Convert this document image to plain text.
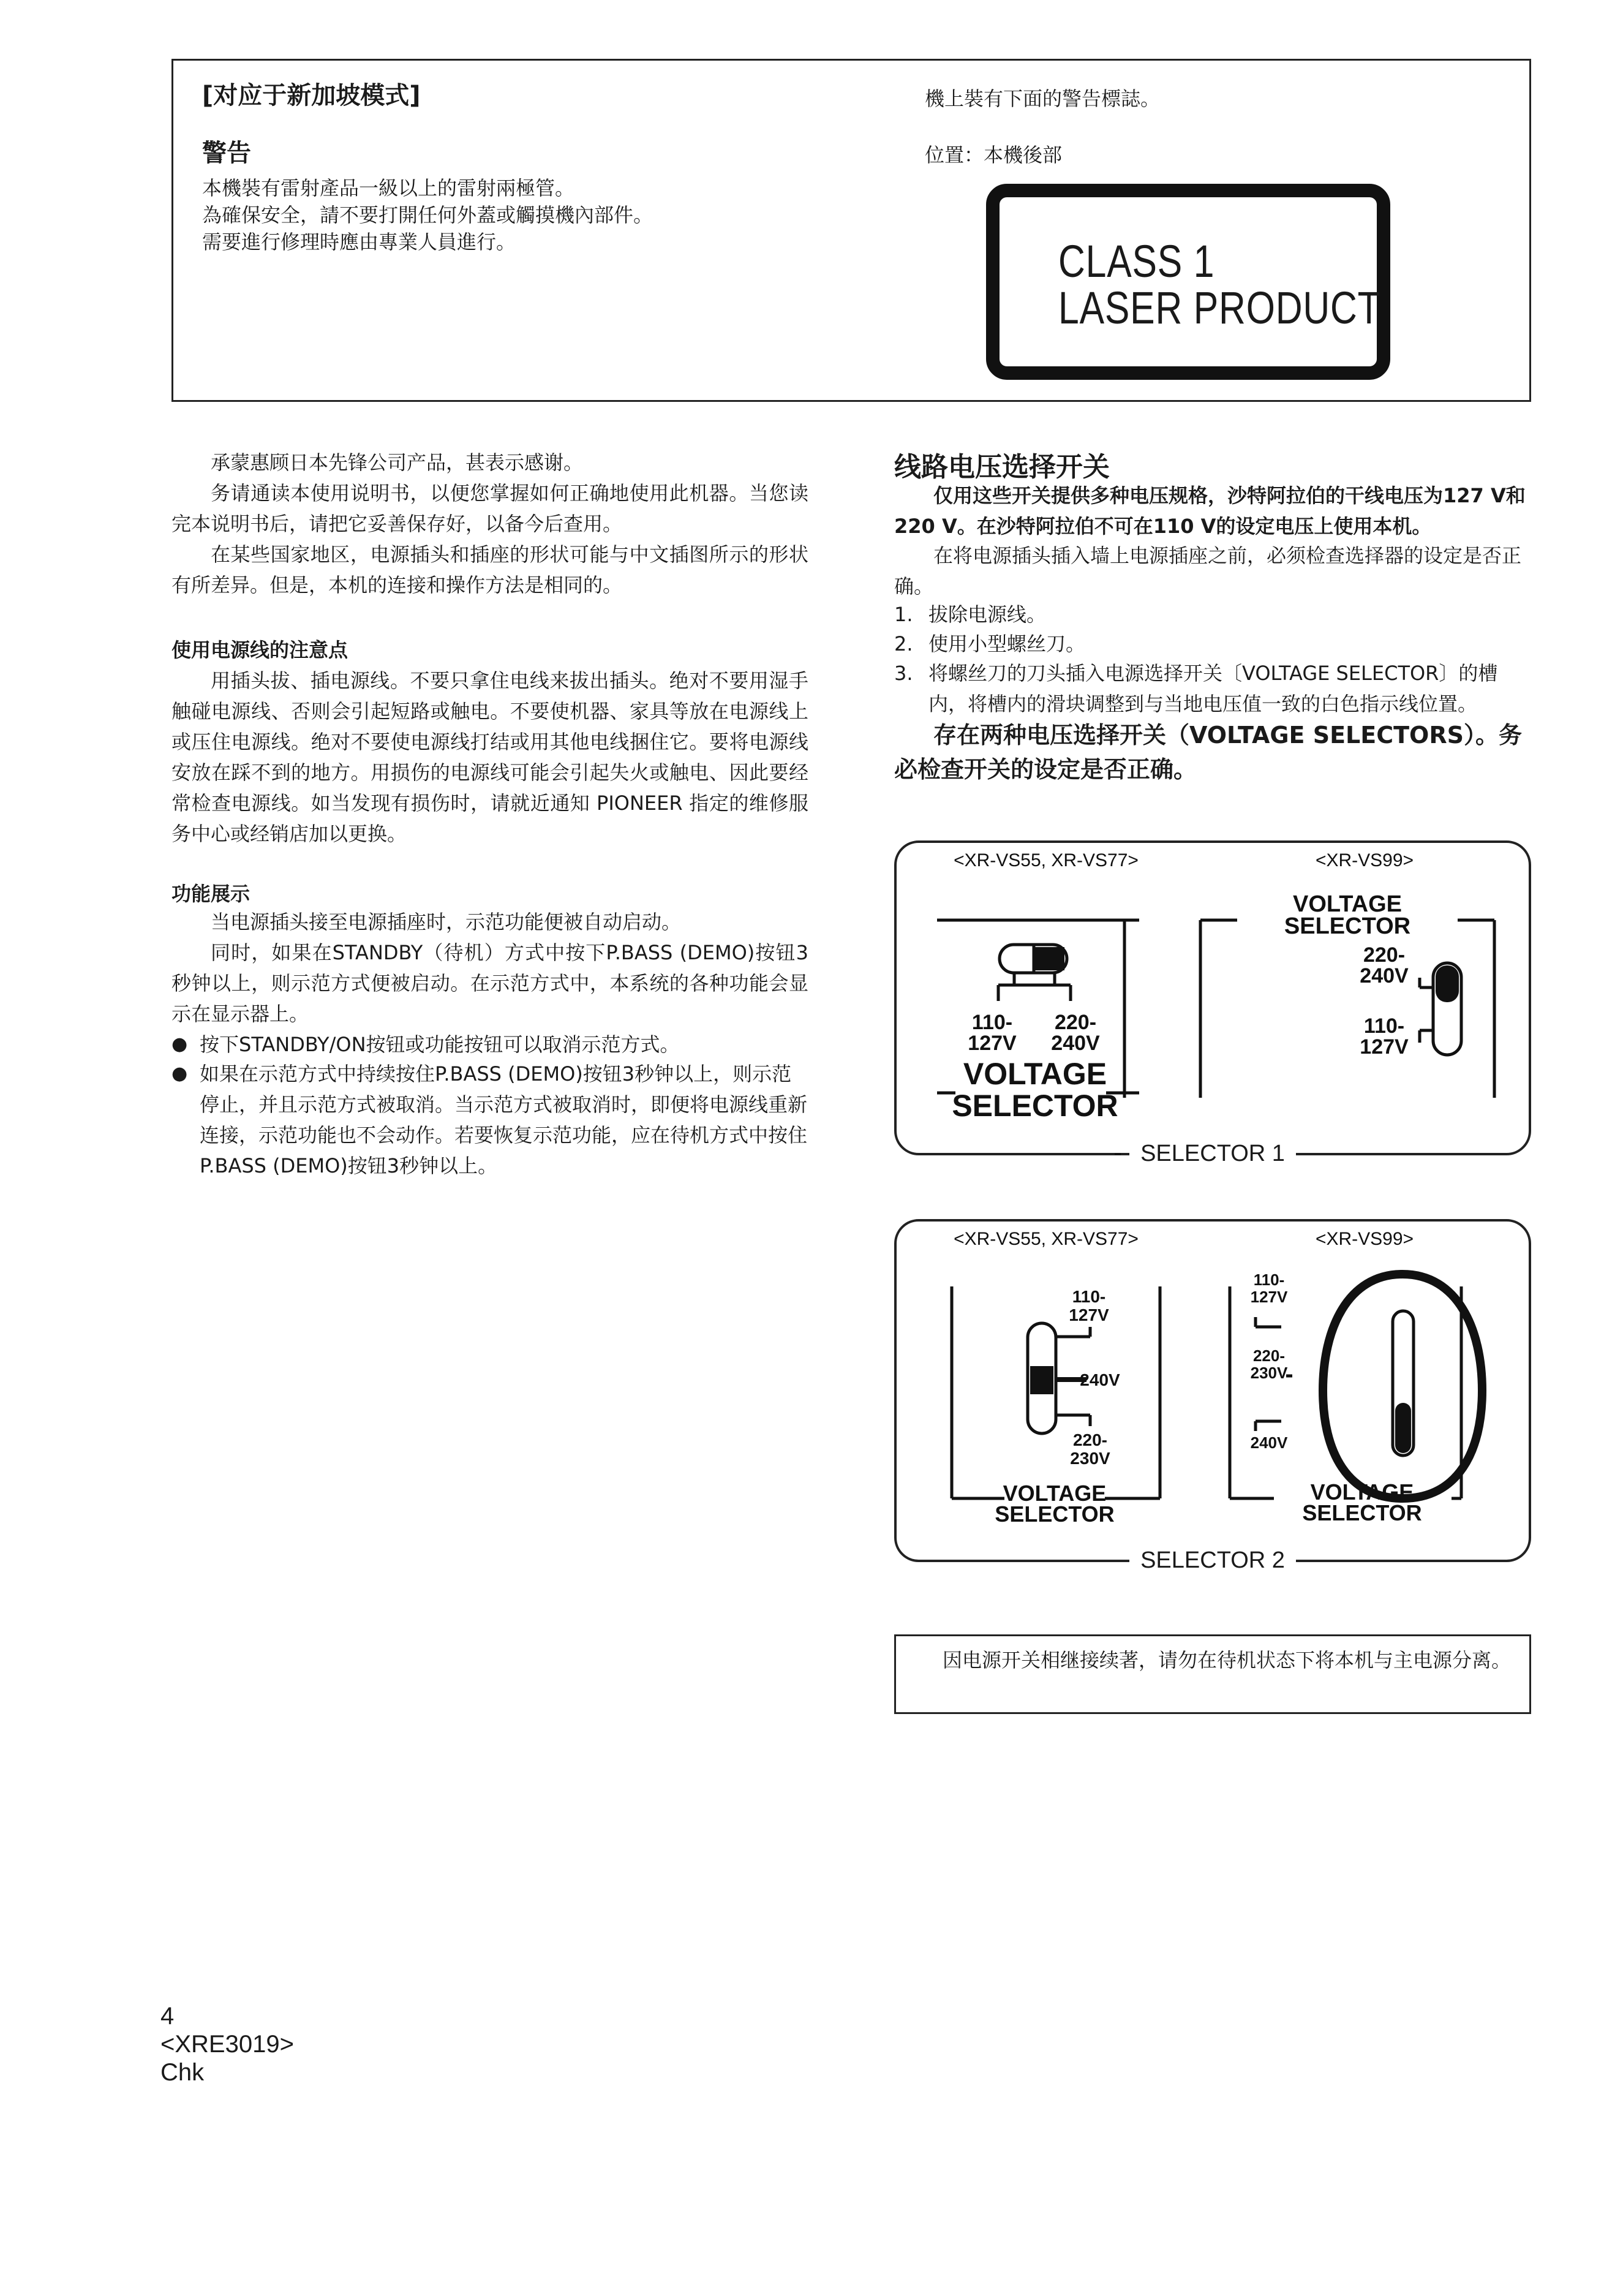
[对应于新加坡模式]
警告
本機裝有雷射產品一級以上的雷射兩極管。
為確保安全，請不要打開任何外蓋或觸摸機內部件。
需要進行修理時應由專業人員進行。
機上裝有下面的警告標誌。
位置：本機後部
CLASS 1
LASER PRODUCT
承蒙惠顾日本先锋公司产品，甚表示感谢。
务请通读本使用说明书，以便您掌握如何正确地使用此机器。当您读完本说明书后，请把它妥善保存好，以备今后查用。
在某些国家地区，电源插头和插座的形状可能与中文插图所示的形状有所差异。但是，本机的连接和操作方法是相同的。
使用电源线的注意点
用插头拔、插电源线。不要只拿住电线来拔出插头。绝对不要用湿手触碰电源线、否则会引起短路或触电。不要使机器、家具等放在电源线上或压住电源线。绝对不要使电源线打结或用其他电线捆住它。要将电源线安放在踩不到的地方。用损伤的电源线可能会引起失火或触电、因此要经常检查电源线。如当发现有损伤时，请就近通知 PIONEER 指定的维修服务中心或经销店加以更换。
功能展示
当电源插头接至电源插座时，示范功能便被自动启动。
同时，如果在STANDBY（待机）方式中按下P.BASS (DEMO)按钮3秒钟以上，则示范方式便被启动。在示范方式中，本系统的各种功能会显示在显示器上。
● 按下STANDBY/ON按钮或功能按钮可以取消示范方式。
● 如果在示范方式中持续按住P.BASS (DEMO)按钮3秒钟以上，则示范停止，并且示范方式被取消。当示范方式被取消时，即便将电源线重新连接，示范功能也不会动作。若要恢复示范功能，应在待机方式中按住P.BASS (DEMO)按钮3秒钟以上。
线路电压选择开关
仅用这些开关提供多种电压规格，沙特阿拉伯的干线电压为127 V和220 V。在沙特阿拉伯不可在110 V的设定电压上使用本机。
在将电源插头插入墙上电源插座之前，必须检查选择器的设定是否正确。
1. 拔除电源线。
2. 使用小型螺丝刀。
3. 将螺丝刀的刀头插入电源选择开关〔VOLTAGE SELECTOR〕的槽内，将槽内的滑块调整到与当地电压值一致的白色指示线位置。
存在两种电压选择开关（VOLTAGE SELECTORS）。务必检查开关的设定是否正确。
<XR-VS55, XR-VS77>	<XR-VS99>
110-
127V
220-
240V
VOLTAGE
SELECTOR
VOLTAGE
SELECTOR
220-
240V
110-
127V
SELECTOR 1
<XR-VS55, XR-VS77>	<XR-VS99>
110-
127V
240V
220-
230V
VOLTAGE
SELECTOR
110-
127V
220-
230V
240V
VOLTAGE
SELECTOR
SELECTOR 2
因电源开关相继接续著，请勿在待机状态下将本机与主电源分离。
4
<XRE3019>
Chk
